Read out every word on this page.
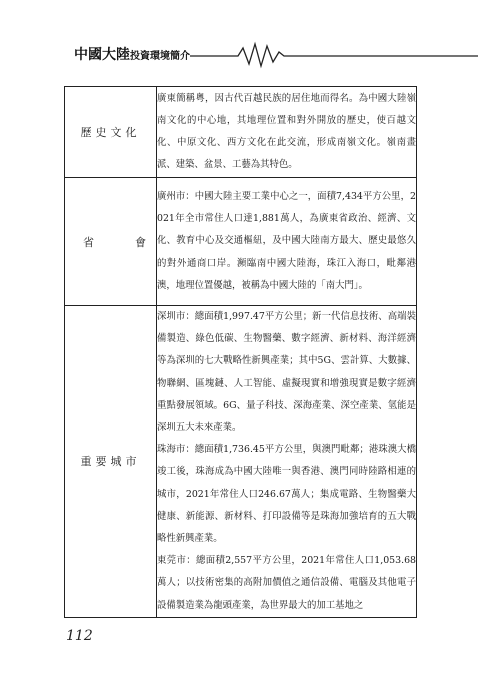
中國大陸投資環境簡介
歷史文化	廣東簡稱粵，因古代百越民族的居住地而得名。為中國大陸嶺南文化的中心地，其地理位置和對外開放的歷史，使百越文化、中原文化、西方文化在此交流，形成南嶺文化。嶺南畫派、建築、盆景、工藝為其特色。

省 會	廣州市：中國大陸主要工業中心之一，面積7,434平方公里，2021年全市常住人口達1,881萬人，為廣東省政治、經濟、文化、教育中心及交通樞紐，及中國大陸南方最大、歷史最悠久的對外通商口岸。瀕臨南中國大陸海，珠江入海口，毗鄰港澳，地理位置優越，被稱為中國大陸的「南大門」。

重要城市	深圳市：總面積1,997.47平方公里；新一代信息技術、高端裝備製造、綠色低碳、生物醫藥、數字經濟、新材料、海洋經濟等為深圳的七大戰略性新興產業；其中5G、雲計算、大數據、物聯網、區塊鏈、人工智能、虛擬現實和增強現實是數字經濟重點發展領域。6G、量子科技、深海產業、深空產業、氫能是深圳五大未來產業。

珠海市：總面積1,736.45平方公里，與澳門毗鄰；港珠澳大橋竣工後，珠海成為中國大陸唯一與香港、澳門同時陸路相連的城市，2021年常住人口246.67萬人；集成電路、生物醫藥大健康、新能源、新材料、打印設備等是珠海加強培育的五大戰略性新興產業。

東莞市：總面積2,557平方公里，2021年常住人口1,053.68萬人；以技術密集的高附加價值之通信設備、電腦及其他電子設備製造業為龍頭產業，為世界最大的加工基地之

112
